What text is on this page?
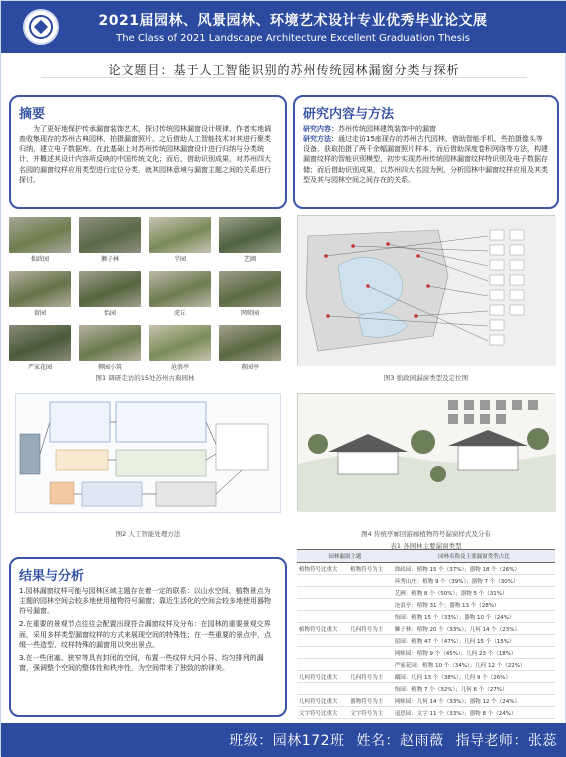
2021届园林、风景园林、环境艺术设计专业优秀毕业论文展
The Class of 2021 Landscape Architecture Excellent Graduation Thesis
论文题目：基于人工智能识别的苏州传统园林漏窗分类与探析
摘要

为了更好地保护传承漏窗装饰艺术，探讨传统园林漏窗设计规律，作者实地调查收集现存的苏州古典园林，拍摄漏窗照片。之后借助人工智能技术对其进行聚类归纳，建立电子数据库。在此基础上对苏州传统园林漏窗设计进行归纳与分类统计，并概述其设计内容所反映的中国传统文化；而后，借助识别成果，对苏州四大名园的漏窗纹样应用类型进行定位分类，就其园林意境与漏窗主题之间的关系进行探讨。

研究内容与方法

研究内容：苏州传统园林建筑装饰中的漏窗

研究方法：通过走访15座现存的苏州古代园林，借助智能手机、些拍摄像头等设备，获取拍摄了两千余幅漏窗照片样本，而后借助深度卷积网络等方法，构建漏窗纹样的智能识别模型，初步实现苏州传统园林漏窗纹样特识别及电子数据存储；而后借助识别成果，以苏州四大名园为例，分析园林中漏窗纹样应用及其类型及其与园林空间之间存在的关系。

拙政园	狮子林	半园	艺圃
留园	怡园	虎丘	网师园
严家花园	柳园小筑	沧浪亭	燕园亭
图1 调研走访的15处苏州古典园林	图3 拙政园漏窗类型及定位图
图2 人工智能处理方法	图4 传统亭廊回游廊植物符号漏窗样式及分布
结果与分析

1.园林漏窗纹样可能与园林区域主题存在着一定的联系：以山水空间、植物景点为主题的园林空间会较多地使用植物符号漏窗；靠近生活化的空间会较多地使用器物符号漏窗。

2.在重要的景观节点往往会配置出现符合漏窗纹样及分布：在园林的重要景观交界面，采用多样类型漏窗纹样的方式来展现空间的特殊性；在一些重要的景点中，点缀一些造型、纹样特殊的漏窗用以突出景点。

3.在一些闭塞、狭窄等具有封闭的空间，布置一些纹样大同小异、均匀排列的漏窗，强调整个空间的整体性和秩序性，为空间带来了独致的韵律美。

表1 各园林主要漏窗类型
园林漏窗主题		园林名称及主要漏窗类型占比
植物符号比重大	植物符号为主	拙政园：植物 15 个（37%）；器物 18 个（26%）
		环秀山庄：植物 9 个（39%）；器物 7 个（30%）
		艺圃：植物 8 个（50%）；器物 5 个（31%）
		沧浪亭：植物 31 个；器物 13 个（28%）
		怡园：植物 15 个（33%）；器物 10 个（24%）
植物符号比重大	几何符号为主	狮子林：植物 20 个（33%）；几何 14 个（23%）
		留园：植物 47 个（47%）；几何 15 个（15%）
		网师园：植物 9 个（45%）；几何 23 个（18%）
		严家花园：植物 10 个（34%）；几何 12 个（22%）
几何符号比重大	几何符号为主	耦园：几何 13 个（38%）；几何 9 个（26%）
		怡园：植物 7 个（32%）；几何 6 个（27%）
几何符号比重大	器物符号为主	网师园：几何 14 个（33%）；器物 12 个（24%）
文字符号比重大	文字符号为主	退思园：文字 11 个（33%）；器物 8 个（24%）
班级：园林172班 姓名：赵雨薇 指导老师：张蕊
